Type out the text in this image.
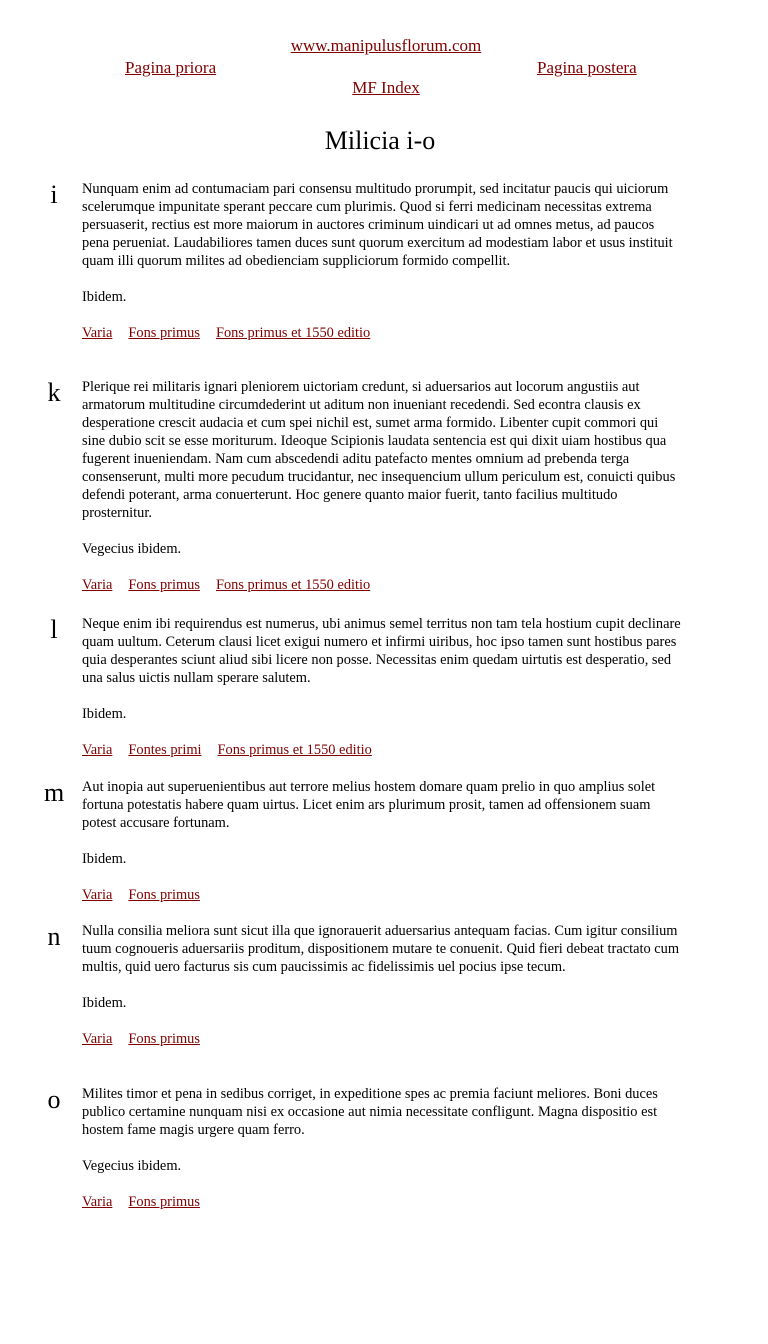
www.manipulusflorum.com
Pagina priora	Pagina postera
MF Index
Milicia i-o
i	Nunquam enim ad contumaciam pari consensu multitudo prorumpit, sed incitatur paucis qui uiciorum scelerumque impunitate sperant peccare cum plurimis. Quod si ferri medicinam necessitas extrema persuaserit, rectius est more maiorum in auctores criminum uindicari ut ad omnes metus, ad paucos pena perueniat. Laudabiliores tamen duces sunt quorum exercitum ad modestiam labor et usus instituit quam illi quorum milites ad obedienciam suppliciorum formido compellit.

Ibidem.

Varia Fons primus Fons primus et 1550 editio
k Plerique rei militaris ignari pleniorem uictoriam credunt, si aduersarios aut locorum angustiis aut armatorum multitudine circumdederint ut aditum non inueniant recedendi. Sed econtra clausis ex desperatione crescit audacia et cum spei nichil est, sumet arma formido. Libenter cupit commori qui sine dubio scit se esse moriturum. Ideoque Scipionis laudata sentencia est qui dixit uiam hostibus qua fugerent inueniendam. Nam cum abscedendi aditu patefacto mentes omnium ad prebenda terga consenserunt, multi more pecudum trucidantur, nec insequencium ullum periculum est, conuicti quibus defendi poterant, arma conuerterunt. Hoc genere quanto maior fuerit, tanto facilius multitudo prosternitur.

Vegecius ibidem.

Varia Fons primus Fons primus et 1550 editio
l	Neque enim ibi requirendus est numerus, ubi animus semel territus non tam tela hostium cupit declinare quam uultum. Ceterum clausi licet exigui numero et infirmi uiribus, hoc ipso tamen sunt hostibus pares quia desperantes sciunt aliud sibi licere non posse. Necessitas enim quedam uirtutis est desperatio, sed una salus uictis nullam sperare salutem.

Ibidem.

Varia Fontes primi Fons primus et 1550 editio
m Aut inopia aut superuenientibus aut terrore melius hostem domare quam prelio in quo amplius solet fortuna potestatis habere quam uirtus. Licet enim ars plurimum prosit, tamen ad offensionem suam potest accusare fortunam.

Ibidem.

Varia Fons primus
n Nulla consilia meliora sunt sicut illa que ignorauerit aduersarius antequam facias. Cum igitur consilium tuum cognoueris aduersariis proditum, dispositionem mutare te conuenit. Quid fieri debeat tractato cum multis, quid uero facturus sis cum paucissimis ac fidelissimis uel pocius ipse tecum.

Ibidem.

Varia Fons primus
o Milites timor et pena in sedibus corriget, in expeditione spes ac premia faciunt meliores. Boni duces publico certamine nunquam nisi ex occasione aut nimia necessitate confligunt. Magna dispositio est hostem fame magis urgere quam ferro.

Vegecius ibidem.

Varia Fons primus
